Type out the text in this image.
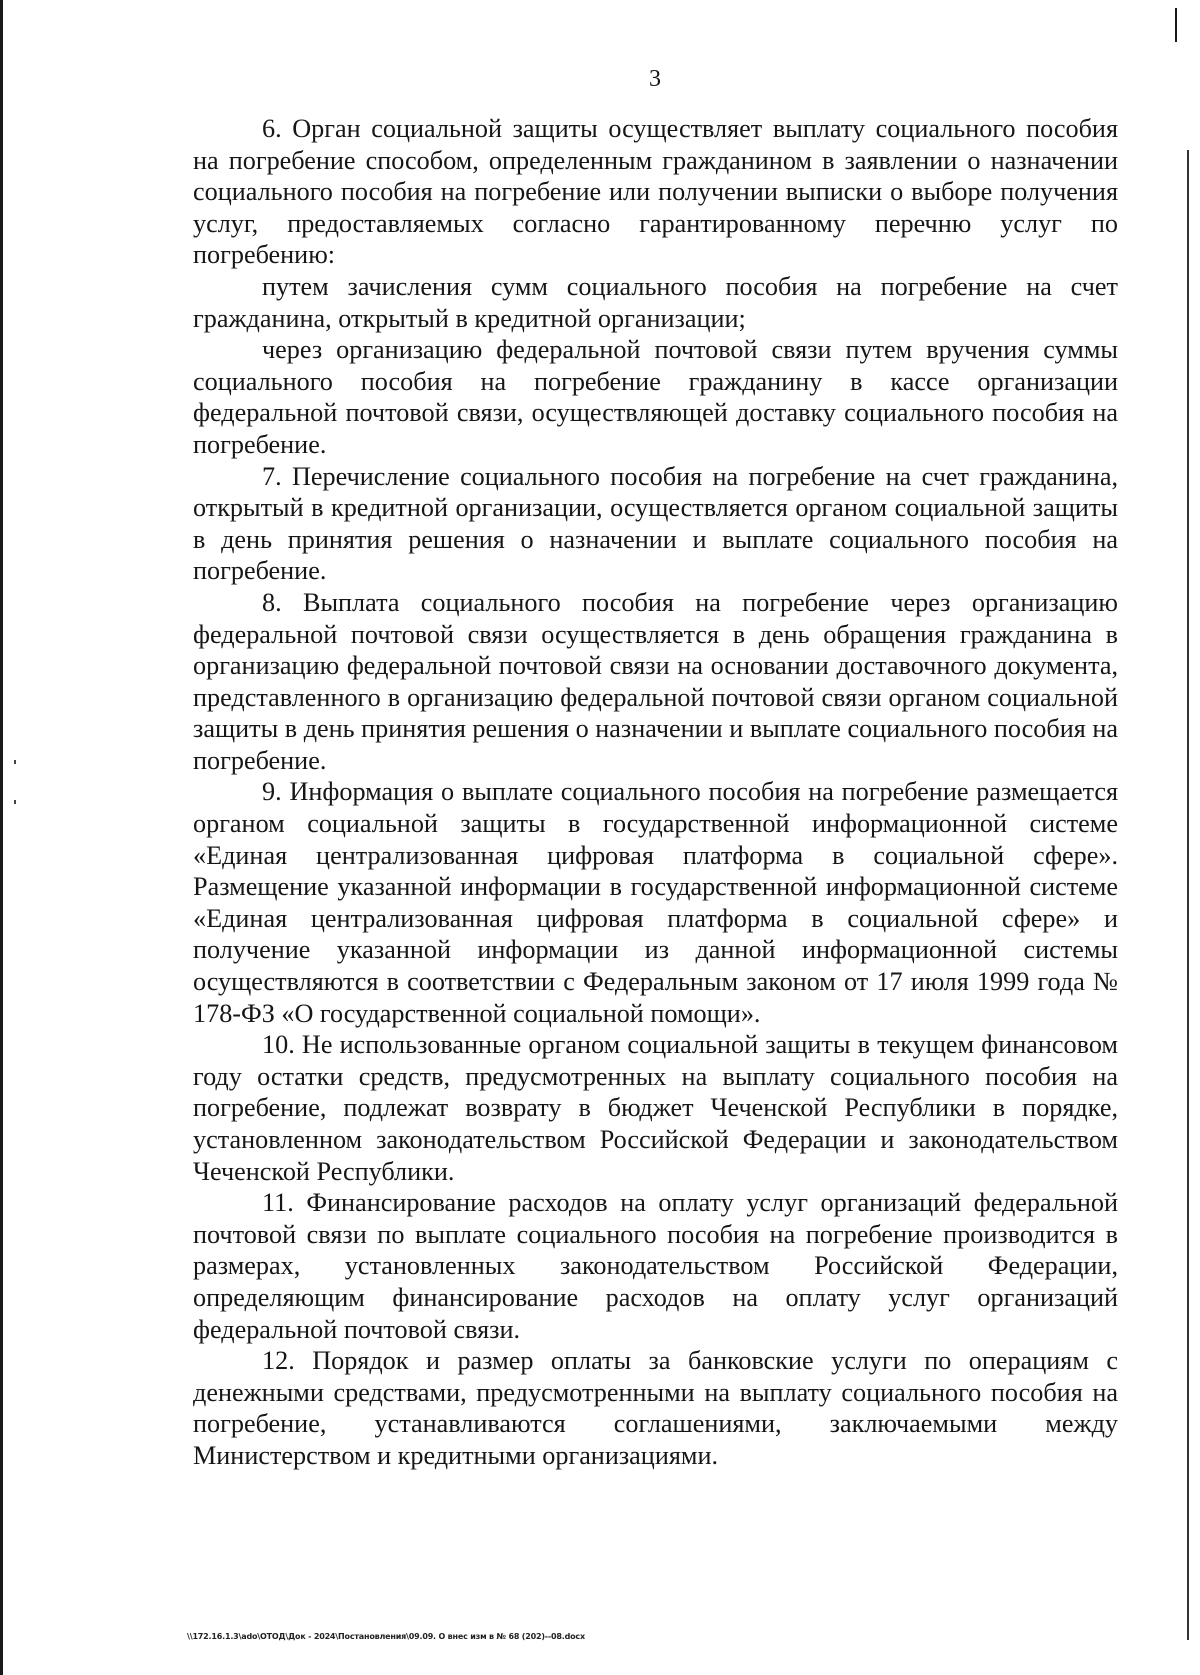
3

6. Орган социальной защиты осуществляет выплату социального пособия на погребение способом, определенным гражданином в заявлении о назначении социального пособия на погребение или получении выписки о выборе получения услуг, предоставляемых согласно гарантированному перечню услуг по погребению:

путем зачисления сумм социального пособия на погребение на счет гражданина, открытый в кредитной организации;

через организацию федеральной почтовой связи путем вручения суммы социального пособия на погребение гражданину в кассе организации федеральной почтовой связи, осуществляющей доставку социального пособия на погребение.

7. Перечисление социального пособия на погребение на счет гражданина, открытый в кредитной организации, осуществляется органом социальной защиты в день принятия решения о назначении и выплате социального пособия на погребение.

8. Выплата социального пособия на погребение через организацию федеральной почтовой связи осуществляется в день обращения гражданина в организацию федеральной почтовой связи на основании доставочного документа, представленного в организацию федеральной почтовой связи органом социальной защиты в день принятия решения о назначении и выплате социального пособия на погребение.

9. Информация о выплате социального пособия на погребение размещается органом социальной защиты в государственной информационной системе «Единая централизованная цифровая платформа в социальной сфере». Размещение указанной информации в государственной информационной системе «Единая централизованная цифровая платформа в социальной сфере» и получение указанной информации из данной информационной системы осуществляются в соответствии с Федеральным законом от 17 июля 1999 года № 178-ФЗ «О государственной социальной помощи».

10. Не использованные органом социальной защиты в текущем финансовом году остатки средств, предусмотренных на выплату социального пособия на погребение, подлежат возврату в бюджет Чеченской Республики в порядке, установленном законодательством Российской Федерации и законодательством Чеченской Республики.

11. Финансирование расходов на оплату услуг организаций федеральной почтовой связи по выплате социального пособия на погребение производится в размерах, установленных законодательством Российской Федерации, определяющим финансирование расходов на оплату услуг организаций федеральной почтовой связи.

12. Порядок и размер оплаты за банковские услуги по операциям с денежными средствами, предусмотренными на выплату социального пособия на погребение, устанавливаются соглашениями, заключаемыми между Министерством и кредитными организациями.

\\172.16.1.3\ado\ОТОД\Док - 2024\Постановления\09.09. О внес изм в № 68 (202)--08.docx
